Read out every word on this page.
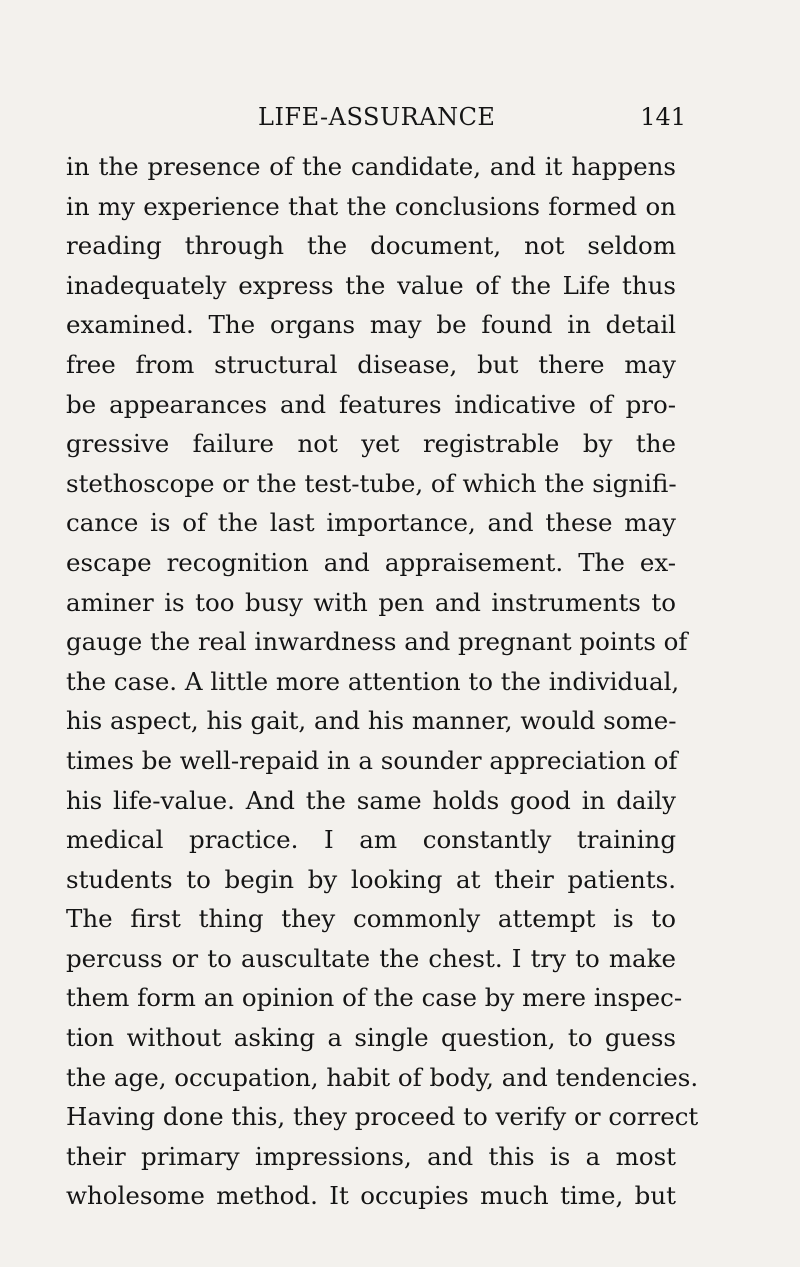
LIFE-ASSURANCE	141
in the presence of the candidate, and it happens
in my experience that the conclusions formed on
reading through the document, not seldom
inadequately express the value of the Life thus
examined. The organs may be found in detail
free from structural disease, but there may
be appearances and features indicative of pro-
gressive failure not yet registrable by the
stethoscope or the test-tube, of which the signifi-
cance is of the last importance, and these may
escape recognition and appraisement. The ex-
aminer is too busy with pen and instruments to
gauge the real inwardness and pregnant points of
the case. A little more attention to the individual,
his aspect, his gait, and his manner, would some-
times be well-repaid in a sounder appreciation of
his life-value. And the same holds good in daily
medical practice. I am constantly training
students to begin by looking at their patients.
The first thing they commonly attempt is to
percuss or to auscultate the chest. I try to make
them form an opinion of the case by mere inspec-
tion without asking a single question, to guess
the age, occupation, habit of body, and tendencies.
Having done this, they proceed to verify or correct
their primary impressions, and this is a most
wholesome method. It occupies much time, but
